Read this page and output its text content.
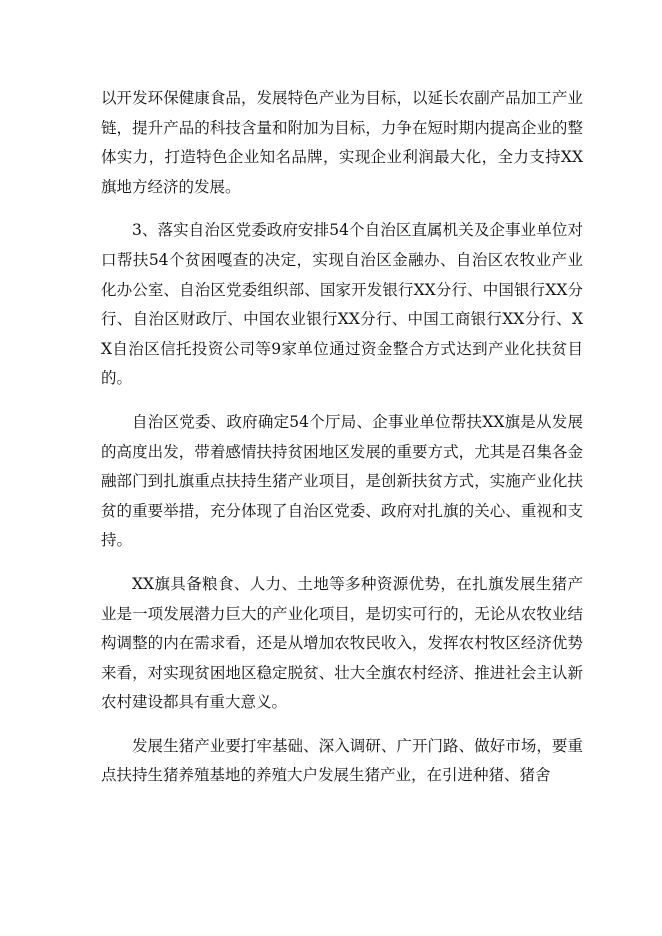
以开发环保健康食品，发展特色产业为目标，以延长农副产品加工产业链，提升产品的科技含量和附加为目标，力争在短时期内提高企业的整体实力，打造特色企业知名品牌，实现企业利润最大化，全力支持XX旗地方经济的发展。

3、落实自治区党委政府安排54个自治区直属机关及企事业单位对口帮扶54个贫困嘎查的决定，实现自治区金融办、自治区农牧业产业化办公室、自治区党委组织部、国家开发银行XX分行、中国银行XX分行、自治区财政厅、中国农业银行XX分行、中国工商银行XX分行、XX自治区信托投资公司等9家单位通过资金整合方式达到产业化扶贫目的。

自治区党委、政府确定54个厅局、企事业单位帮扶XX旗是从发展的高度出发，带着感情扶持贫困地区发展的重要方式，尤其是召集各金融部门到扎旗重点扶持生猪产业项目，是创新扶贫方式，实施产业化扶贫的重要举措，充分体现了自治区党委、政府对扎旗的关心、重视和支持。

XX旗具备粮食、人力、土地等多种资源优势，在扎旗发展生猪产业是一项发展潜力巨大的产业化项目，是切实可行的，无论从农牧业结构调整的内在需求看，还是从增加农牧民收入，发挥农村牧区经济优势来看，对实现贫困地区稳定脱贫、壮大全旗农村经济、推进社会主认新农村建设都具有重大意义。

发展生猪产业要打牢基础、深入调研、广开门路、做好市场，要重点扶持生猪养殖基地的养殖大户发展生猪产业，在引进种猪、猪舍
